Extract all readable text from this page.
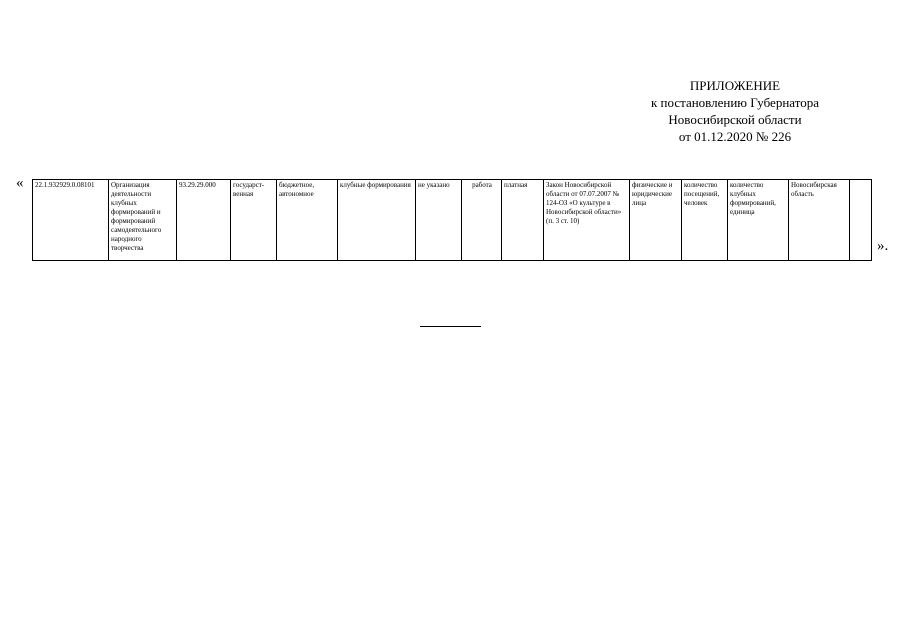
ПРИЛОЖЕНИЕ
к постановлению Губернатора
Новосибирской области
от 01.12.2020 № 226
« 22.1.932929.0.08101	Организация деятельности клубных формирований и формирований самодеятельного народного творчества	93.29.29.000	государст-венная	бюджетное, автономное	клубные формирования	не указано	работа	платная	Закон Новосибирской области от 07.07.2007 № 124-ОЗ «О культуре в Новосибирской области» (п. 3 ст. 10)	физические и юридические лица	количество посещений, человек	количество клубных формирований, единица	Новосибирская область	
».
